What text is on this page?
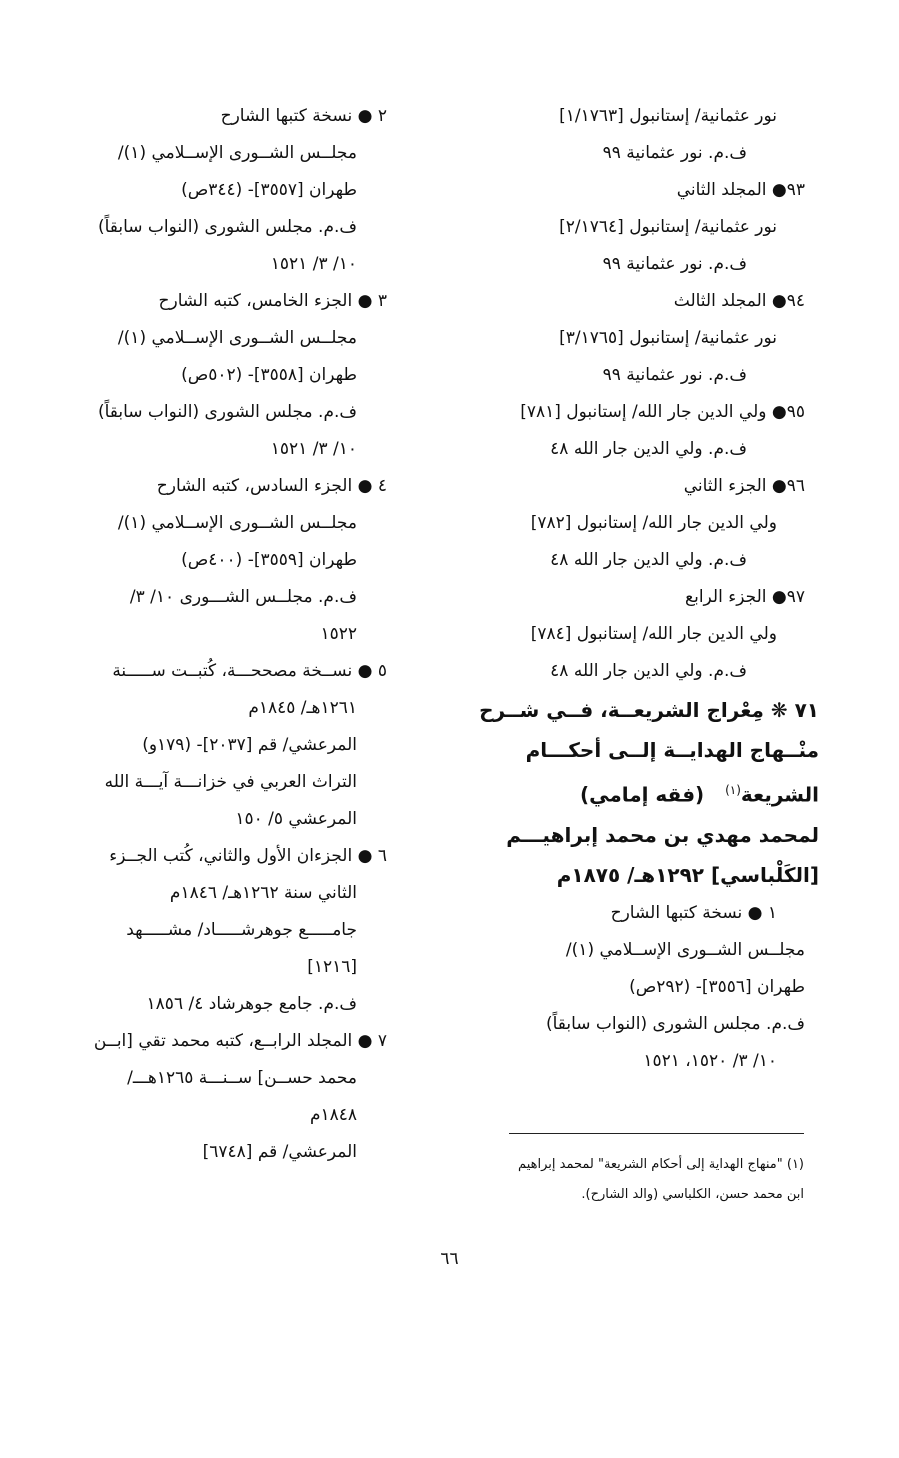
نور عثمانية/ إستانبول [١/١٧٦٣]
ف.م. نور عثمانية ٩٩
٩٣● المجلد الثاني
نور عثمانية/ إستانبول [٢/١٧٦٤]
ف.م. نور عثمانية ٩٩
٩٤● المجلد الثالث
نور عثمانية/ إستانبول [٣/١٧٦٥]
ف.م. نور عثمانية ٩٩
٩٥● ولي الدين جار الله/ إستانبول [٧٨١]
ف.م. ولي الدين جار الله ٤٨
٩٦● الجزء الثاني
ولي الدين جار الله/ إستانبول [٧٨٢]
ف.م. ولي الدين جار الله ٤٨
٩٧● الجزء الرابع
ولي الدين جار الله/ إستانبول [٧٨٤]
ف.م. ولي الدين جار الله ٤٨
٧١ ❋ مِعْراج الشريعــة، فــي شــرح
منْــهاج الهدايــة إلــى أحكـــام
الشريعة$^{(١)}$   (فقه إمامي)
لمحمد مهدي بن محمد إبراهيـــم
[الكَلْباسي] ١٢٩٢هـ/ ١٨٧٥م
١ ● نسخة كتبها الشارح
مجلــس الشــورى الإســلامي (١)/
طهران [٣٥٥٦]- (٢٩٢ص)
ف.م. مجلس الشورى (النواب سابقاً)
١٠/ ٣/ ١٥٢٠، ١٥٢١
٢ ● نسخة كتبها الشارح
مجلــس الشــورى الإســلامي (١)/
طهران [٣٥٥٧]- (٣٤٤ص)
ف.م. مجلس الشورى (النواب سابقاً)
١٠/ ٣/ ١٥٢١
٣ ● الجزء الخامس، كتبه الشارح
مجلــس الشــورى الإســلامي (١)/
طهران [٣٥٥٨]- (٥٠٢ص)
ف.م. مجلس الشورى (النواب سابقاً)
١٠/ ٣/ ١٥٢١
٤ ● الجزء السادس، كتبه الشارح
مجلــس الشــورى الإســلامي (١)/
طهران [٣٥٥٩]- (٤٠٠ص)
ف.م. مجلــس الشـــورى ١٠/ ٣/
١٥٢٢
٥ ● نســخة مصححـــة، كُتبــت ســـــنة
١٢٦١هـ/ ١٨٤٥م
المرعشي/ قم [٢٠٣٧]- (١٧٩و)
التراث العربي في خزانـــة آيـــة الله
المرعشي ٥/ ١٥٠
٦ ● الجزءان الأول والثاني، كُتب الجــزء
الثاني سنة ١٢٦٢هـ/ ١٨٤٦م
جامـــــع جوهرشـــــاد/ مشـــــهد
[١٢١٦]
ف.م. جامع جوهرشاد ٤/ ١٨٥٦
٧ ● المجلد الرابــع، كتبه محمد تقي [ابــن
محمد حســن] ســنـــة ١٢٦٥هـــ/
١٨٤٨م
المرعشي/ قم [٦٧٤٨]
(١) "منهاج الهداية إلى أحكام الشريعة" لمحمد إبراهيم
ابن محمد حسن، الكلباسي (والد الشارح).
٦٦
